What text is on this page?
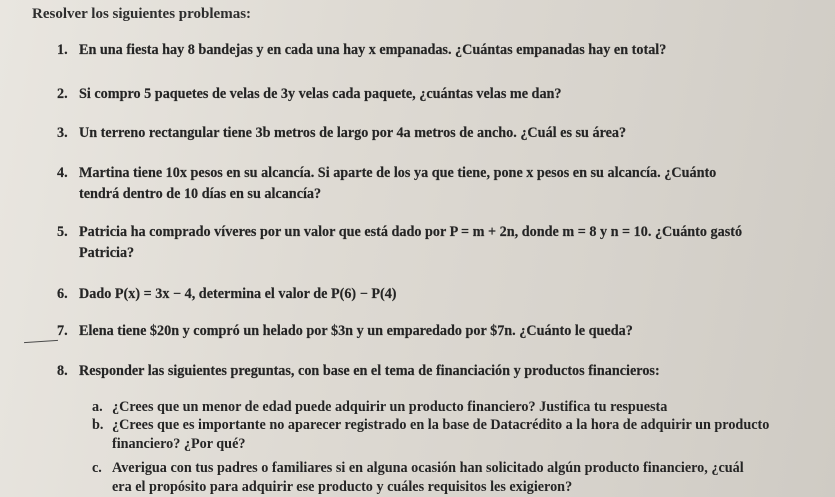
Resolver los siguientes problemas:
1. En una fiesta hay 8 bandejas y en cada una hay x empanadas. ¿Cuántas empanadas hay en total?
2. Si compro 5 paquetes de velas de 3y velas cada paquete, ¿cuántas velas me dan?
3. Un terreno rectangular tiene 3b metros de largo por 4a metros de ancho. ¿Cuál es su área?
4. Martina tiene 10x pesos en su alcancía. Si aparte de los ya que tiene, pone x pesos en su alcancía. ¿Cuánto
tendrá dentro de 10 días en su alcancía?
5. Patricia ha comprado víveres por un valor que está dado por P = m + 2n, donde m = 8 y n = 10. ¿Cuánto gastó
Patricia?
6. Dado P(x) = 3x − 4, determina el valor de P(6) − P(4)
7. Elena tiene $20n y compró un helado por $3n y un emparedado por $7n. ¿Cuánto le queda?
8. Responder las siguientes preguntas, con base en el tema de financiación y productos financieros:
a. ¿Crees que un menor de edad puede adquirir un producto financiero? Justifica tu respuesta
b. ¿Crees que es importante no aparecer registrado en la base de Datacrédito a la hora de adquirir un producto
financiero? ¿Por qué?
c. Averigua con tus padres o familiares si en alguna ocasión han solicitado algún producto financiero, ¿cuál
era el propósito para adquirir ese producto y cuáles requisitos les exigieron?
